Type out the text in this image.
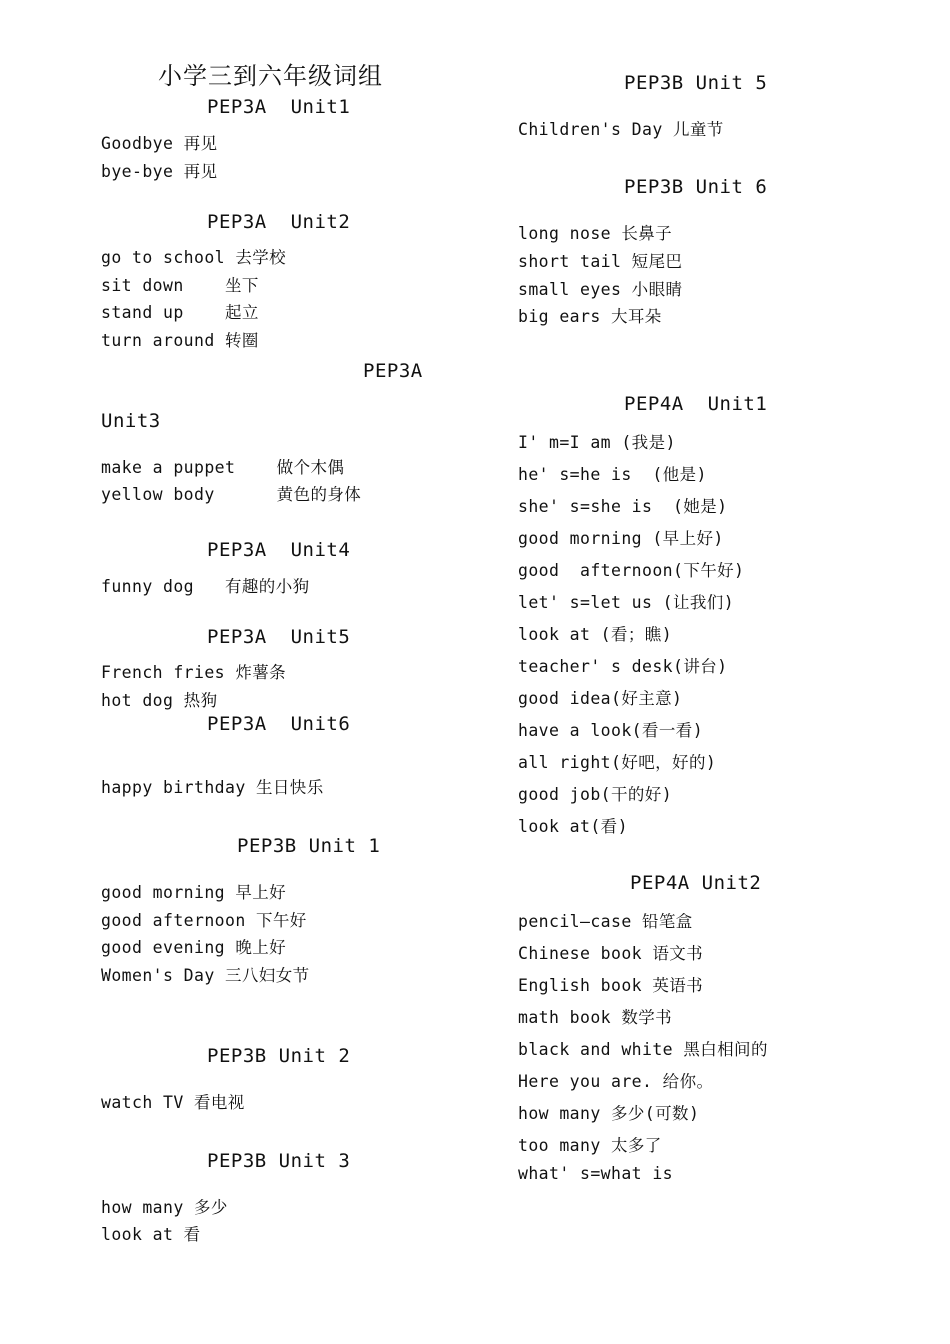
小学三到六年级词组
PEP3A  Unit1
Goodbye 再见
bye-bye 再见
PEP3A  Unit2
go to school 去学校
sit down    坐下
stand up    起立
turn around 转圈
PEP3A
Unit3
make a puppet    做个木偶
yellow body      黄色的身体
PEP3A  Unit4
funny dog   有趣的小狗
PEP3A  Unit5
French fries 炸薯条
hot dog 热狗
PEP3A  Unit6
happy birthday 生日快乐
PEP3B Unit 1
good morning 早上好
good afternoon 下午好
good evening 晚上好
Women's Day 三八妇女节
PEP3B Unit 2
watch TV 看电视
PEP3B Unit 3
how many 多少
look at 看
PEP3B Unit 5
Children's Day 儿童节
PEP3B Unit 6
long nose 长鼻子
short tail 短尾巴
small eyes 小眼睛
big ears 大耳朵
PEP4A  Unit1
I' m=I am (我是)
he' s=he is  (他是)
she' s=she is  (她是)
good morning (早上好)
good  afternoon(下午好)
let' s=let us (让我们)
look at (看；瞧)
teacher' s desk(讲台)
good idea(好主意)
have a look(看一看)
all right(好吧，好的)
good job(干的好)
look at(看)
PEP4A Unit2
pencil—case 铅笔盒
Chinese book 语文书
English book 英语书
math book 数学书
black and white 黑白相间的
Here you are. 给你。
how many 多少(可数)
too many 太多了
what' s=what is
